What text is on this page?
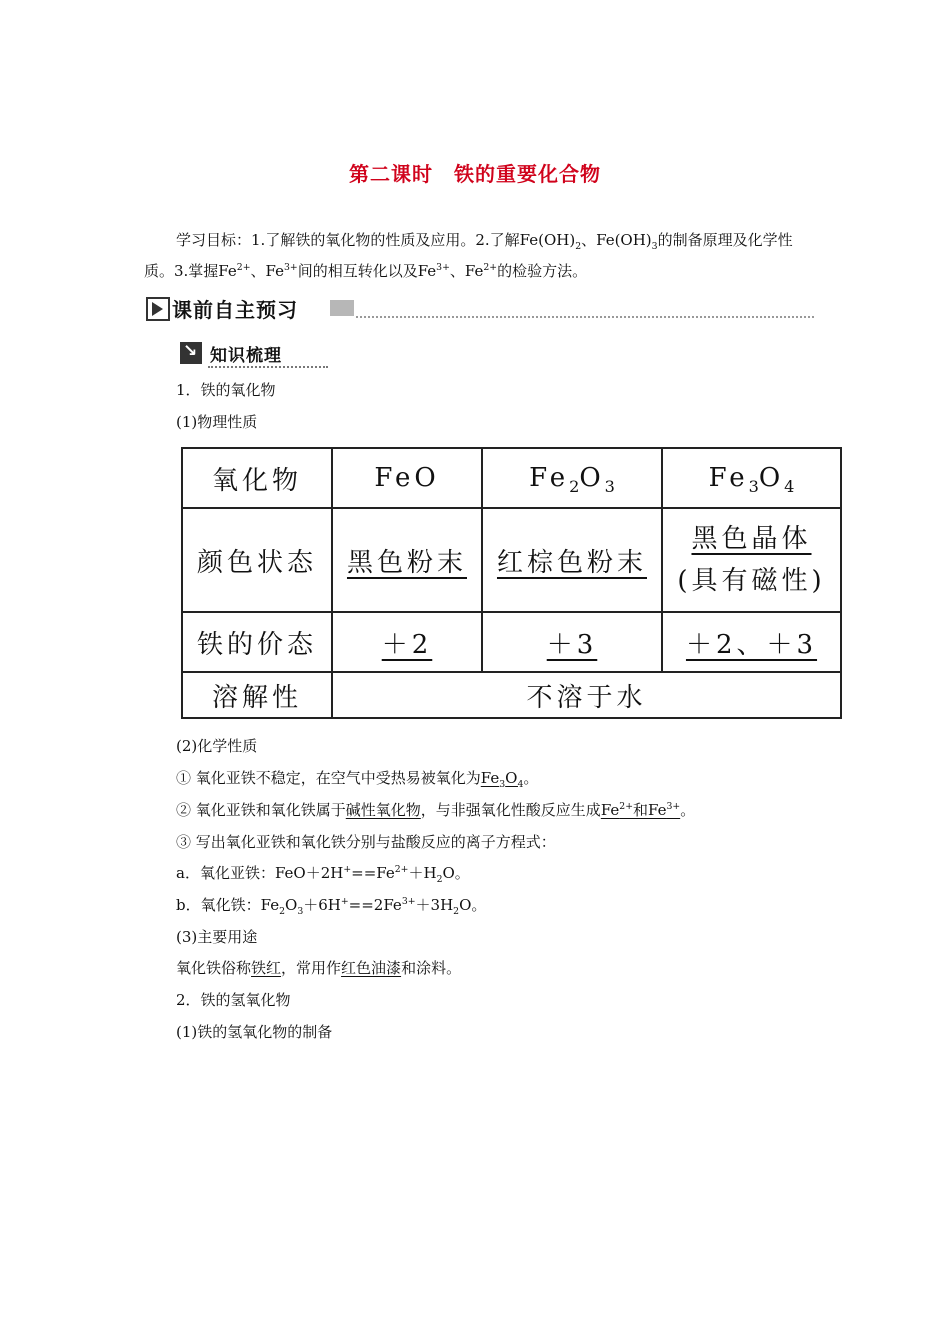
第二课时　铁的重要化合物
学习目标：1.了解铁的氧化物的性质及应用。2.了解$Fe(OH)_2$、$Fe(OH)_3$的制备原理及化学性质。3.掌握$Fe^{2+}$、$Fe^{3+}$间的相互转化以及$Fe^{3+}$、$Fe^{2+}$的检验方法。
课前自主预习
↘
知识梳理
1．铁的氧化物
(1)物理性质
氧化物	FeO	$Fe_2O_3$	$Fe_3O_4$
颜色状态	黑色粉末	红棕色粉末	黑色晶体
(具有磁性)

铁的价态	＋2	＋3	＋2、＋3
溶解性	不溶于水		
(2)化学性质
① 氧化亚铁不稳定，在空气中受热易被氧化为$Fe_3O_4$。
② 氧化亚铁和氧化铁属于碱性氧化物，与非强氧化性酸反应生成$Fe^{2+}$和$Fe^{3+}$。
③ 写出氧化亚铁和氧化铁分别与盐酸反应的离子方程式：
a．氧化亚铁：$FeO+2H^+==Fe^{2+}+H_2O$。
b．氧化铁：$Fe_2O_3+6H^+==2Fe^{3+}+3H_2O$。
(3)主要用途
氧化铁俗称铁红，常用作红色油漆和涂料。
2．铁的氢氧化物
(1)铁的氢氧化物的制备
